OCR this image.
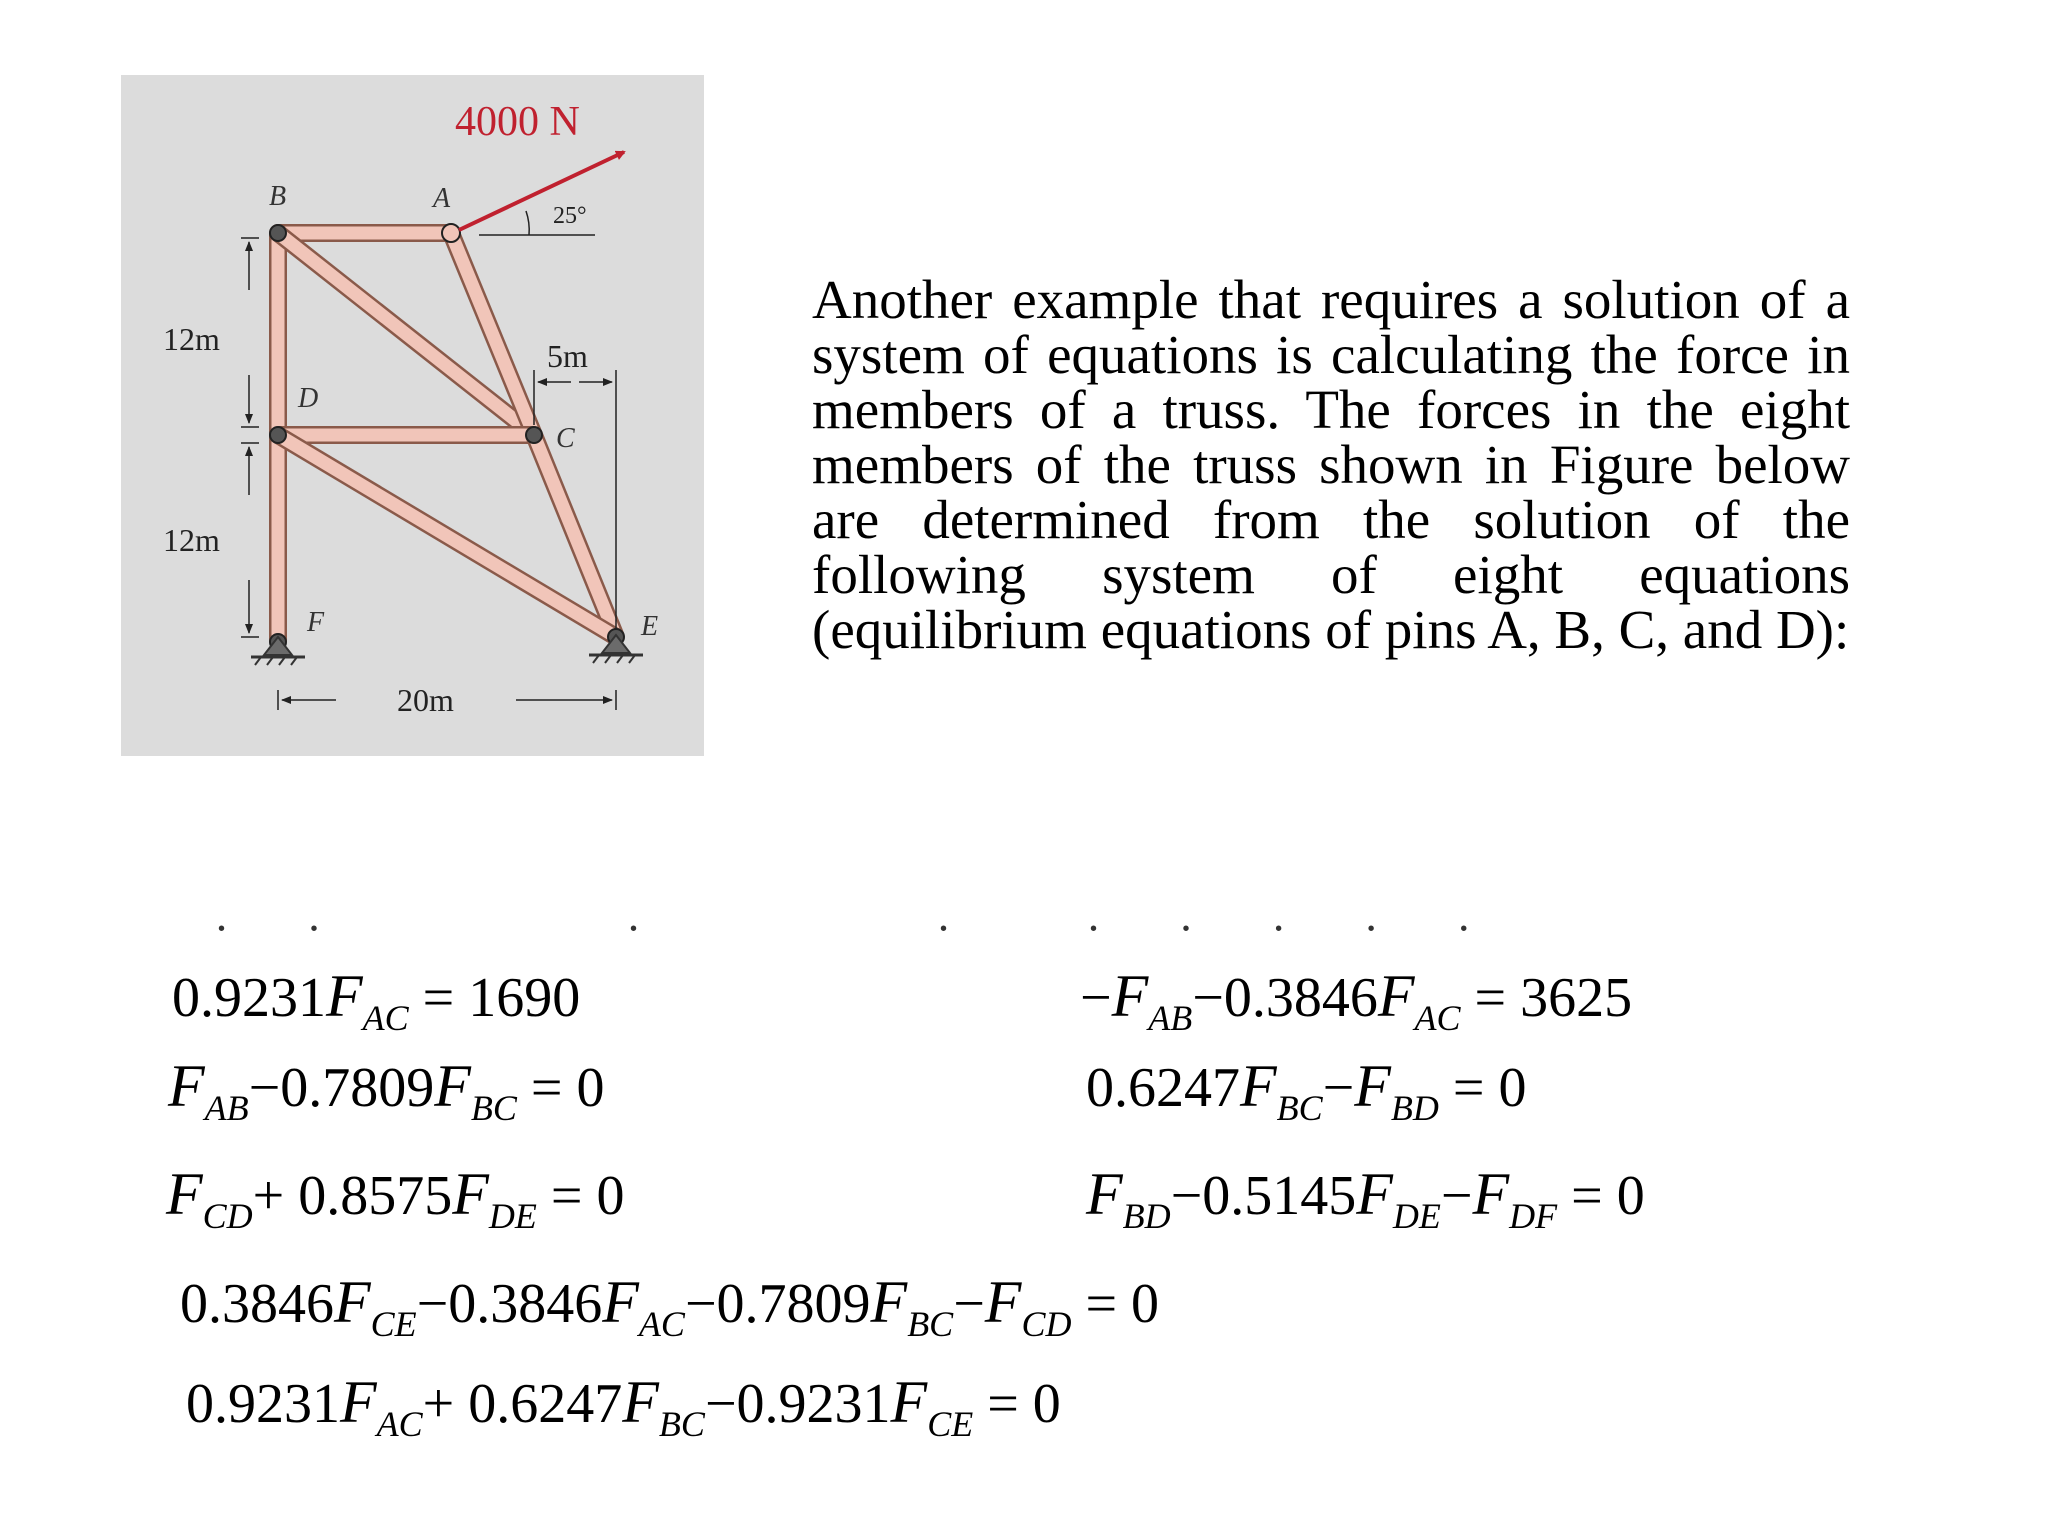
4000 N
25°
B	A
D
C
E
F
12m
12m
5m
20m

Another example that requires a solution of a system of equations is calculating the force in members of a truss. The forces in the eight members of the truss shown in Figure below are determined from the solution of the following system of eight equations (equilibrium equations of pins A, B, C, and D):

• •	•	•	• • • • •
$0.9231F_{AC} = 1690$	$-F_{AB}-0.3846F_{AC} = 3625$
$F_{AB}-0.7809F_{BC} = 0$	$0.6247F_{BC}-F_{BD} = 0$
$F_{CD}+ 0.8575F_{DE} = 0$	$F_{BD}-0.5145F_{DE}-F_{DF} = 0$
$0.3846F_{CE}-0.3846F_{AC}-0.7809F_{BC}-F_{CD} = 0$
$0.9231F_{AC}+ 0.6247F_{BC}-0.9231F_{CE} = 0$
